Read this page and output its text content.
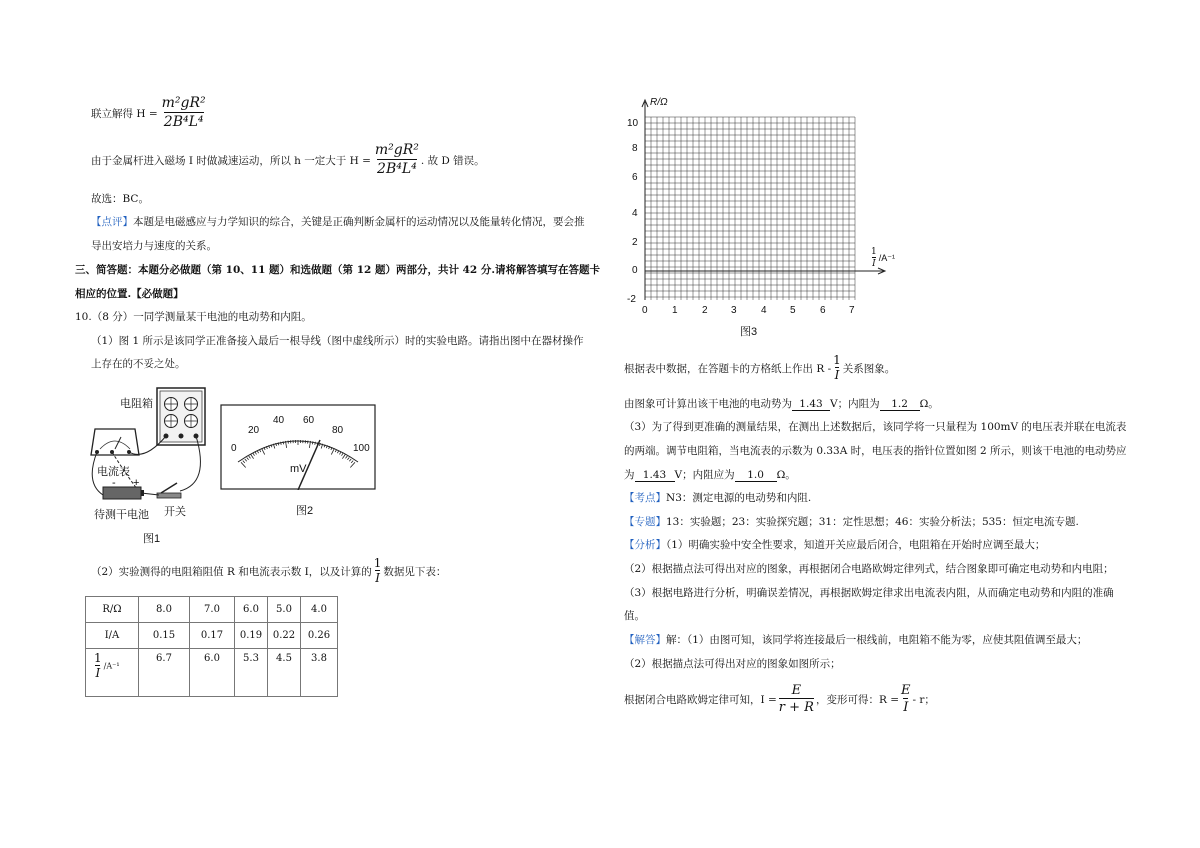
联立解得 $H = \frac{\text{m²gR²}}{\text{2B⁴L⁴}}$
由于金属杆进入磁场 I 时做减速运动，所以 h 一定大于 $H = \frac{\text{m²gR²}}{\text{2B⁴L⁴}}$ . 故 D 错误。
故选：BC。
【点评】本题是电磁感应与力学知识的综合，关键是正确判断金属杆的运动情况以及能量转化情况，要会推
导出安培力与速度的关系。
三、简答题：本题分必做题（第 10、11 题）和选做题（第 12 题）两部分，共计 42 分.请将解答填写在答题卡
相应的位置.【必做题】
10.（8 分）一同学测量某干电池的电动势和内阻。
（1）图 1 所示是该同学正准备接入最后一根导线（图中虚线所示）时的实验电路。请指出图中在器材操作
上存在的不妥之处。
电阻箱
电流表
- +
待测干电池 开关
图1
0
20
40 60
80
100
mV
图2
（2）实验测得的电阻箱阻值 R 和电流表示数 I，以及计算的 $\frac{1}{I}$ 数据见下表：
R/Ω	8.0	7.0	6.0	5.0	4.0
I/A	0.15	0.17	0.19	0.22	0.26

$\frac{1}{I} /A^{-1}$	6.7	6.0	5.3	4.5	3.8
R/Ω
10
8
6
4
2
0
-2
0 1 2 3 4 5 6 7
$\frac{1}{I} /A^{-1}$
图3
根据表中数据，在答题卡的方格纸上作出 R - $\frac{1}{I}$ 关系图象。
由图象可计算出该干电池的电动势为 1.43 V；内阻为 1.2 Ω。
（3）为了得到更准确的测量结果，在测出上述数据后，该同学将一只量程为 100mV 的电压表并联在电流表
的两端。调节电阻箱，当电流表的示数为 0.33A 时，电压表的指针位置如图 2 所示，则该干电池的电动势应
为 1.43 V；内阻应为 1.0 Ω。
【考点】N3：测定电源的电动势和内阻.
【专题】13：实验题；23：实验探究题；31：定性思想；46：实验分析法；535：恒定电流专题.
【分析】（1）明确实验中安全性要求，知道开关应最后闭合，电阻箱在开始时应调至最大；
（2）根据描点法可得出对应的图象，再根据闭合电路欧姆定律列式，结合图象即可确定电动势和内电阻；
（3）根据电路进行分析，明确误差情况，再根据欧姆定律求出电流表内阻，从而确定电动势和内阻的准确
值。
【解答】解：（1）由图可知，该同学将连接最后一根线前，电阻箱不能为零，应使其阻值调至最大；
（2）根据描点法可得出对应的图象如图所示；
根据闭合电路欧姆定律可知，$I = \frac{E}{r + R}$ ，变形可得：$R = \frac{E}{I} - r$；
